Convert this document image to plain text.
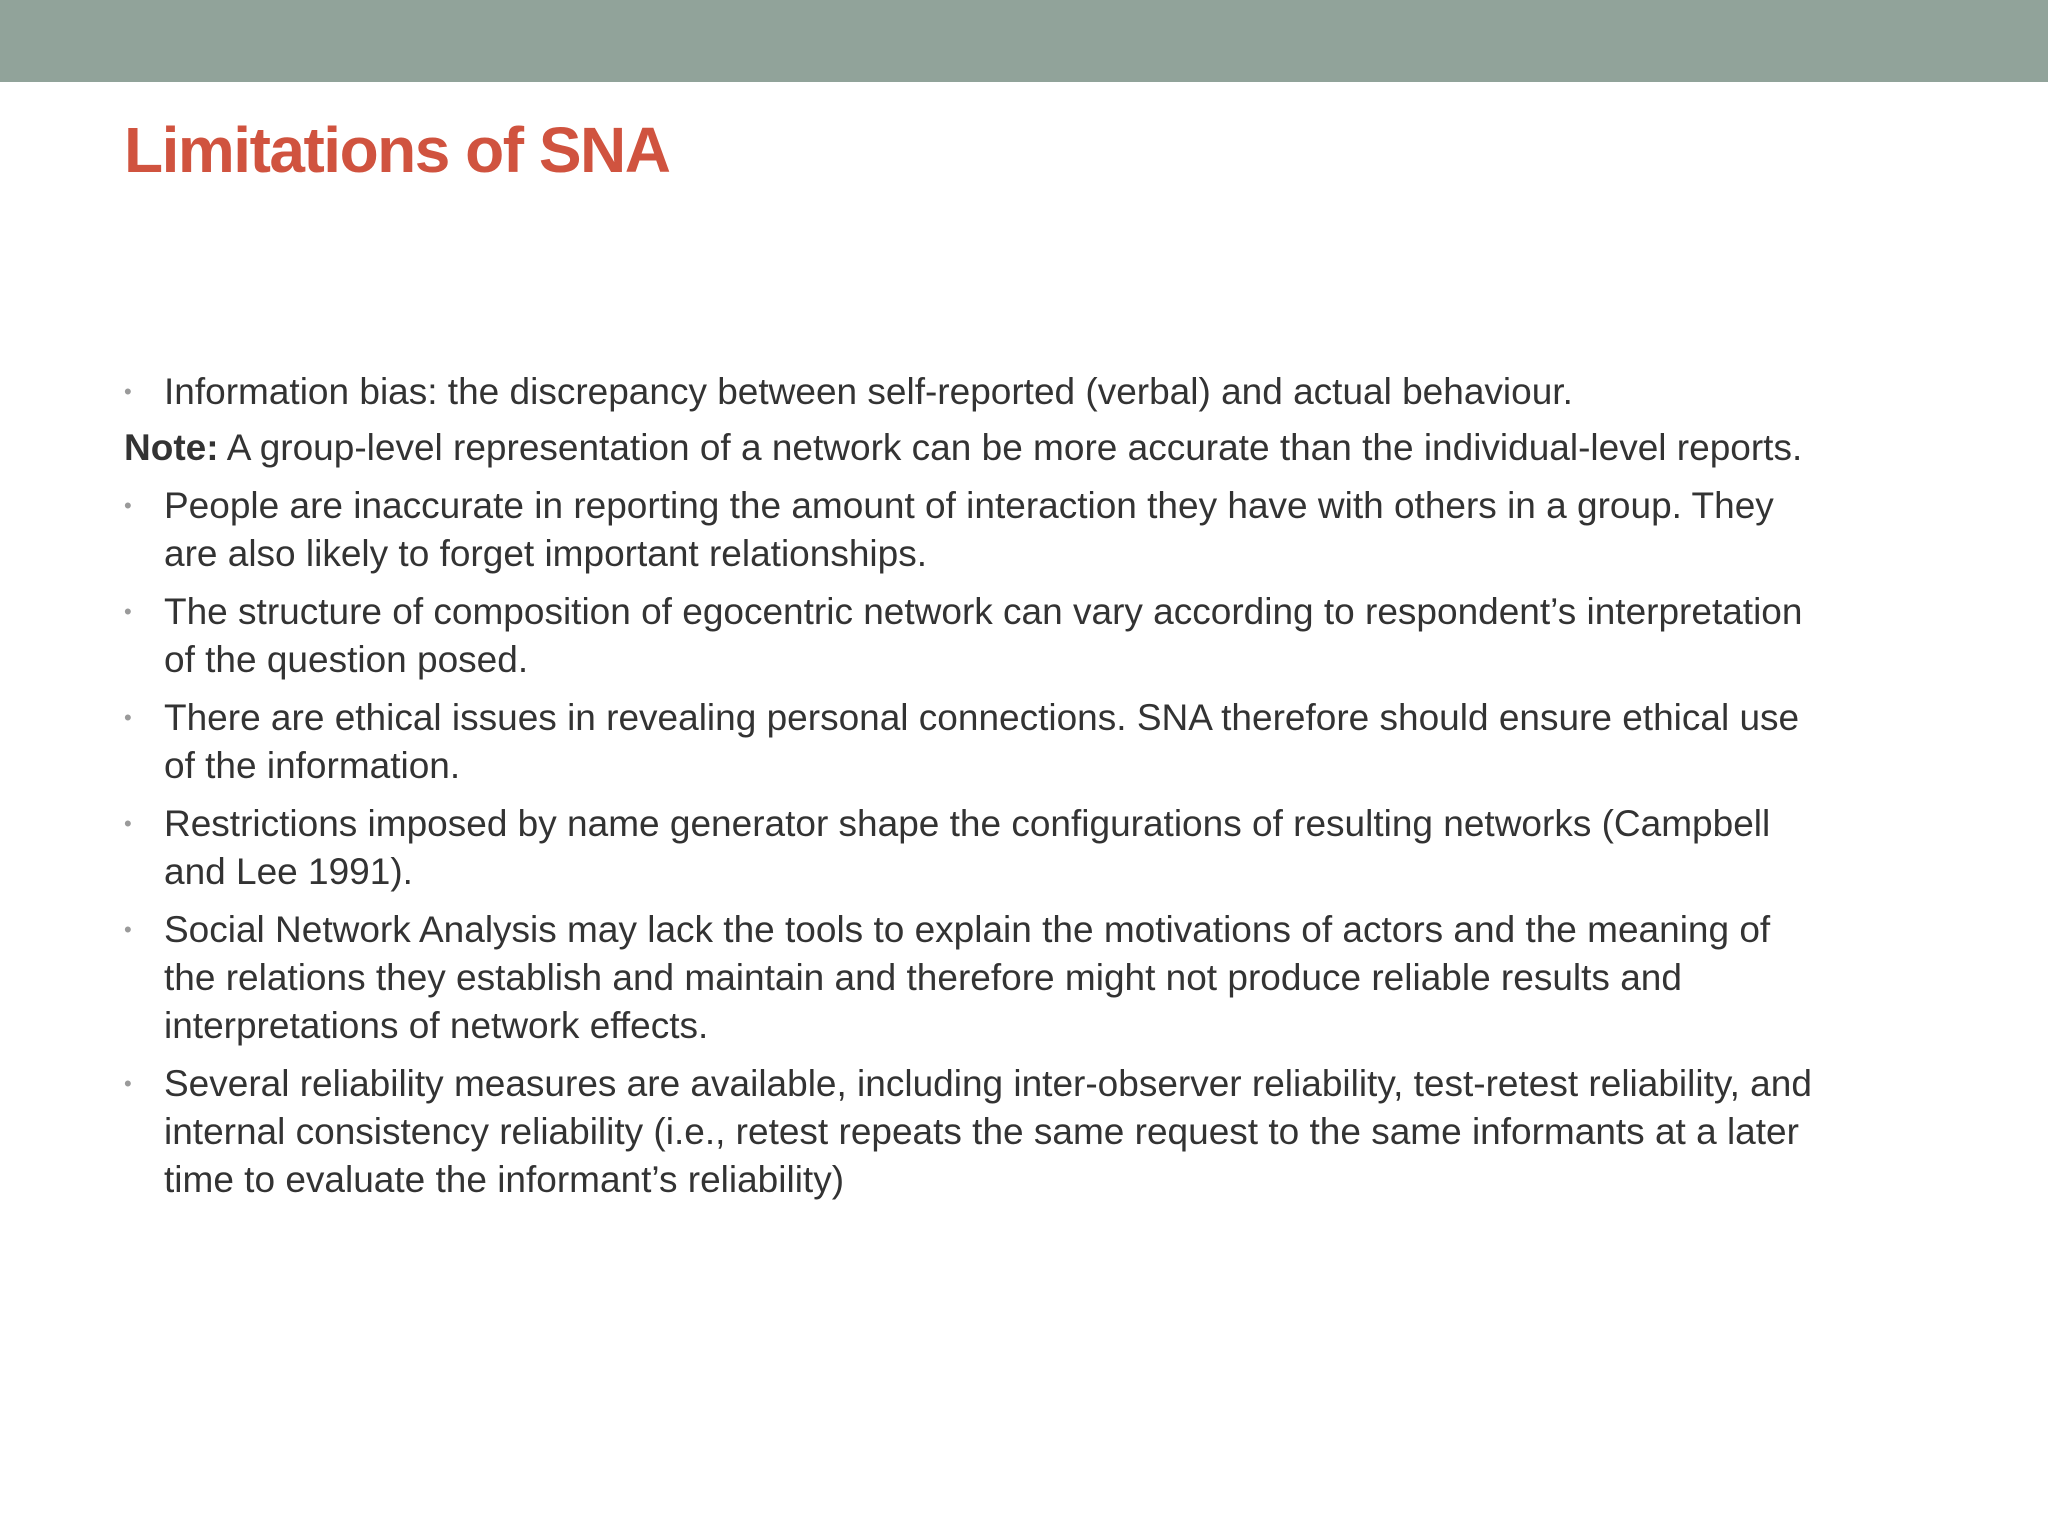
Limitations of SNA
• Information bias: the discrepancy between self-reported (verbal) and actual behaviour.
Note: A group-level representation of a network can be more accurate than the individual-level reports.
• People are inaccurate in reporting the amount of interaction they have with others in a group. They are also likely to forget important relationships.
• The structure of composition of egocentric network can vary according to respondent’s interpretation of the question posed.
• There are ethical issues in revealing personal connections. SNA therefore should ensure ethical use of the information.
• Restrictions imposed by name generator shape the configurations of resulting networks (Campbell and Lee 1991).
• Social Network Analysis may lack the tools to explain the motivations of actors and the meaning of the relations they establish and maintain and therefore might not produce reliable results and interpretations of network effects.
• Several reliability measures are available, including inter-observer reliability, test-retest reliability, and internal consistency reliability (i.e., retest repeats the same request to the same informants at a later time to evaluate the informant’s reliability)
